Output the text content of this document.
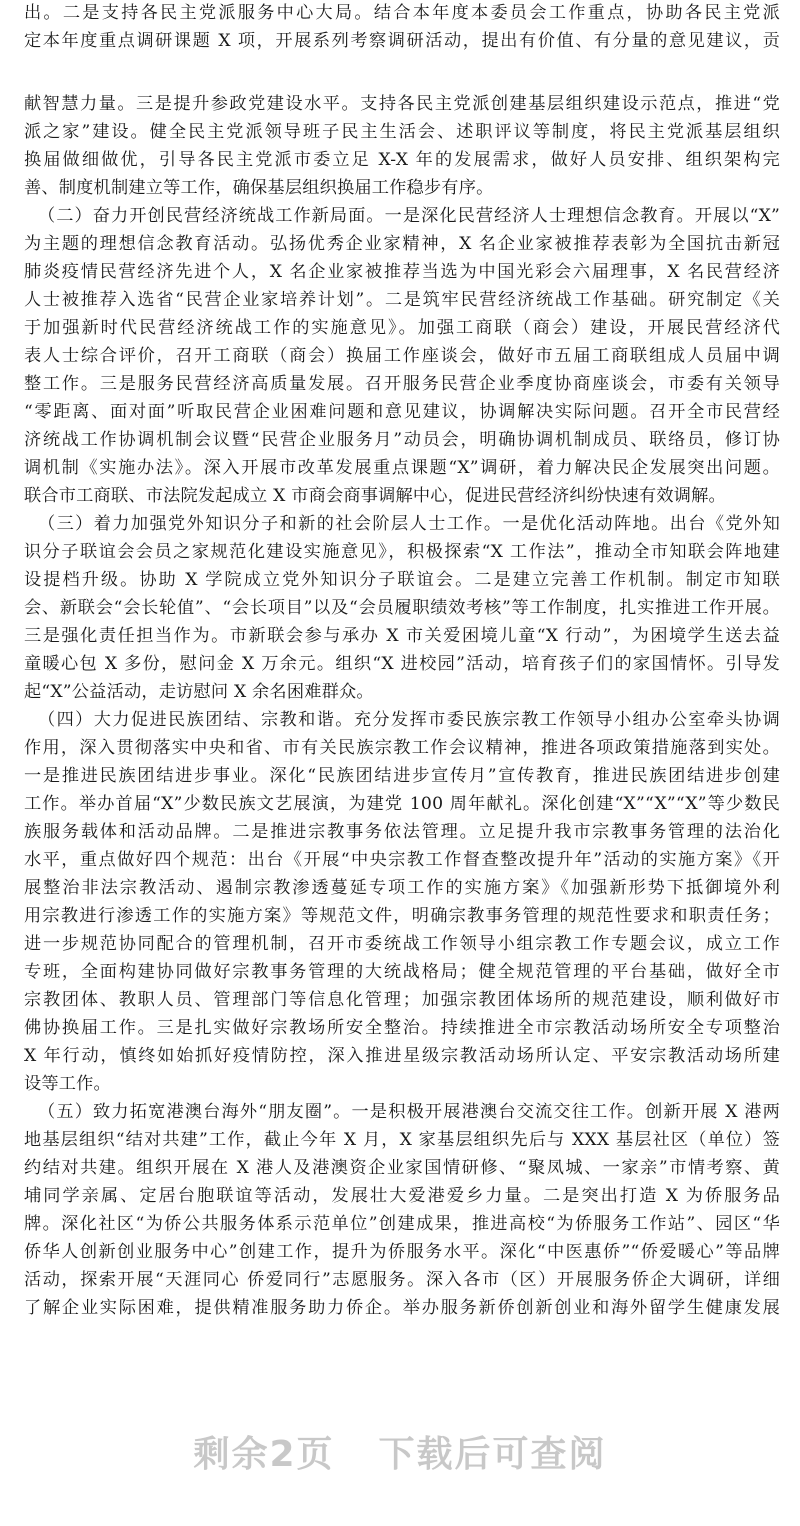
出。二是支持各民主党派服务中心大局。结合本年度本委员会工作重点，协助各民主党派
定本年度重点调研课题 X 项，开展系列考察调研活动，提出有价值、有分量的意见建议，贡
献智慧力量。三是提升参政党建设水平。支持各民主党派创建基层组织建设示范点，推进“党
派之家”建设。健全民主党派领导班子民主生活会、述职评议等制度，将民主党派基层组织
换届做细做优，引导各民主党派市委立足 X-X 年的发展需求，做好人员安排、组织架构完
善、制度机制建立等工作，确保基层组织换届工作稳步有序。
（二）奋力开创民营经济统战工作新局面。一是深化民营经济人士理想信念教育。开展以“X”
为主题的理想信念教育活动。弘扬优秀企业家精神，X 名企业家被推荐表彰为全国抗击新冠
肺炎疫情民营经济先进个人，X 名企业家被推荐当选为中国光彩会六届理事，X 名民营经济
人士被推荐入选省“民营企业家培养计划”。二是筑牢民营经济统战工作基础。研究制定《关
于加强新时代民营经济统战工作的实施意见》。加强工商联（商会）建设，开展民营经济代
表人士综合评价，召开工商联（商会）换届工作座谈会，做好市五届工商联组成人员届中调
整工作。三是服务民营经济高质量发展。召开服务民营企业季度协商座谈会，市委有关领导
“零距离、面对面”听取民营企业困难问题和意见建议，协调解决实际问题。召开全市民营经
济统战工作协调机制会议暨“民营企业服务月”动员会，明确协调机制成员、联络员，修订协
调机制《实施办法》。深入开展市改革发展重点课题“X”调研，着力解决民企发展突出问题。
联合市工商联、市法院发起成立 X 市商会商事调解中心，促进民营经济纠纷快速有效调解。
（三）着力加强党外知识分子和新的社会阶层人士工作。一是优化活动阵地。出台《党外知
识分子联谊会会员之家规范化建设实施意见》，积极探索“X 工作法”，推动全市知联会阵地建
设提档升级。协助 X 学院成立党外知识分子联谊会。二是建立完善工作机制。制定市知联
会、新联会“会长轮值”、“会长项目”以及“会员履职绩效考核”等工作制度，扎实推进工作开展。
三是强化责任担当作为。市新联会参与承办 X 市关爱困境儿童“X 行动”，为困境学生送去益
童暖心包 X 多份，慰问金 X 万余元。组织“X 进校园”活动，培育孩子们的家国情怀。引导发
起“X”公益活动，走访慰问 X 余名困难群众。
（四）大力促进民族团结、宗教和谐。充分发挥市委民族宗教工作领导小组办公室牵头协调
作用，深入贯彻落实中央和省、市有关民族宗教工作会议精神，推进各项政策措施落到实处。
一是推进民族团结进步事业。深化“民族团结进步宣传月”宣传教育，推进民族团结进步创建
工作。举办首届“X”少数民族文艺展演，为建党 100 周年献礼。深化创建“X”“X”“X”等少数民
族服务载体和活动品牌。二是推进宗教事务依法管理。立足提升我市宗教事务管理的法治化
水平，重点做好四个规范：出台《开展“中央宗教工作督查整改提升年”活动的实施方案》《开
展整治非法宗教活动、遏制宗教渗透蔓延专项工作的实施方案》《加强新形势下抵御境外利
用宗教进行渗透工作的实施方案》等规范文件，明确宗教事务管理的规范性要求和职责任务；
进一步规范协同配合的管理机制，召开市委统战工作领导小组宗教工作专题会议，成立工作
专班，全面构建协同做好宗教事务管理的大统战格局；健全规范管理的平台基础，做好全市
宗教团体、教职人员、管理部门等信息化管理；加强宗教团体场所的规范建设，顺利做好市
佛协换届工作。三是扎实做好宗教场所安全整治。持续推进全市宗教活动场所安全专项整治
X 年行动，慎终如始抓好疫情防控，深入推进星级宗教活动场所认定、平安宗教活动场所建
设等工作。
（五）致力拓宽港澳台海外“朋友圈”。一是积极开展港澳台交流交往工作。创新开展 X 港两
地基层组织“结对共建”工作，截止今年 X 月，X 家基层组织先后与 XXX 基层社区（单位）签
约结对共建。组织开展在 X 港人及港澳资企业家国情研修、“聚凤城、一家亲”市情考察、黄
埔同学亲属、定居台胞联谊等活动，发展壮大爱港爱乡力量。二是突出打造 X 为侨服务品
牌。深化社区“为侨公共服务体系示范单位”创建成果，推进高校“为侨服务工作站”、园区“华
侨华人创新创业服务中心”创建工作，提升为侨服务水平。深化“中医惠侨”“侨爱暖心”等品牌
活动，探索开展“天涯同心 侨爱同行”志愿服务。深入各市（区）开展服务侨企大调研，详细
了解企业实际困难，提供精准服务助力侨企。举办服务新侨创新创业和海外留学生健康发展
剩余2页 下载后可查阅
